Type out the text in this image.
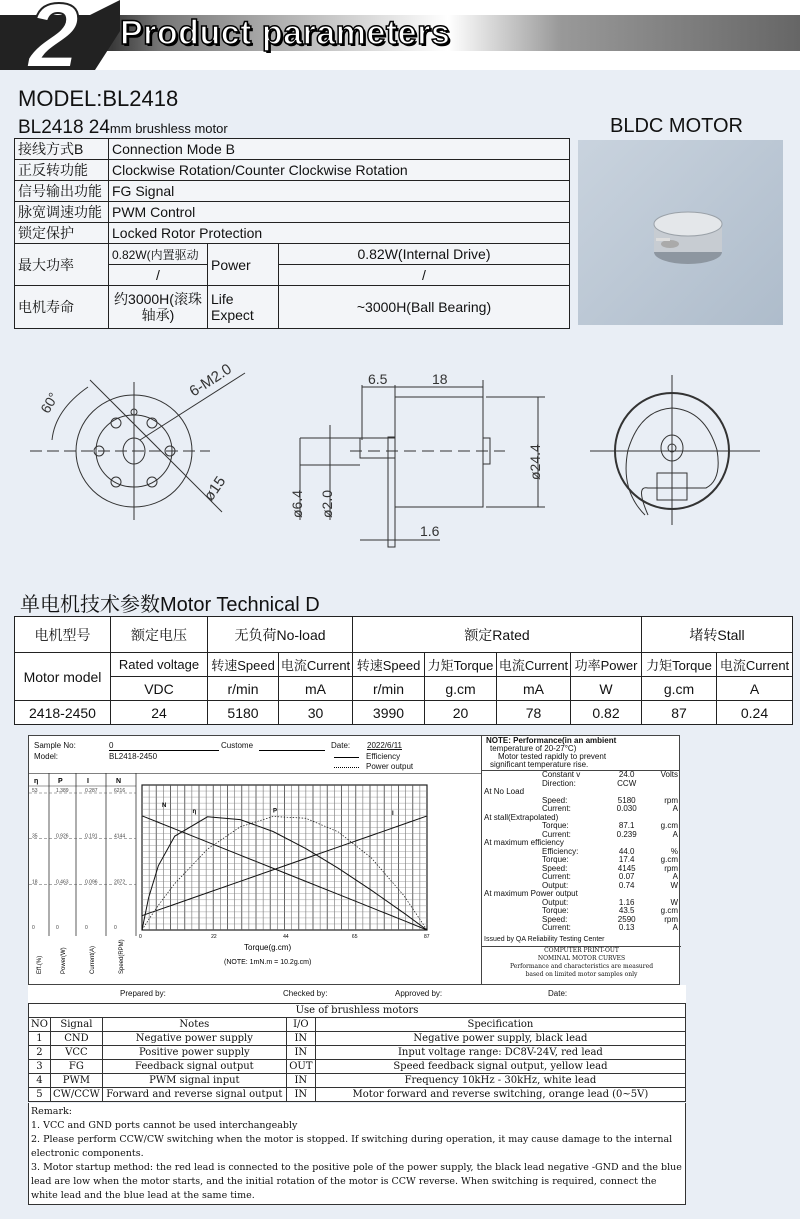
2 Product parameters
MODEL:BL2418
BL2418 24mm brushless motor	BLDC MOTOR
接线方式B	Connection Mode B		
正反转功能	Clockwise Rotation/Counter Clockwise Rotation		
信号输出功能	FG Signal		
脉宽调速功能	PWM Control		
锁定保护	Locked Rotor Protection		
最大功率	0.82W(内置驱动	Power	0.82W(Internal Drive)
	/		/
电机寿命	约3000H(滚珠轴承)	Life Expect	~3000H(Ball Bearing)
60°
6-M2.0
ø15
6.5	18
ø24.4
ø6.4 ø2.0
1.6
单电机技术参数Motor Technical D
电机型号	额定电压	无负荷No-load		额定Rated				堵转Stall	
Motor model	Rated voltage	转速Speed	电流Current	转速Speed	力矩Torque	电流Current	功率Power	力矩Torque	电流Current
	VDC	r/min	mA	r/min	g.cm	mA	W	g.cm	A
2418-2450	24	5180	30	3990	20	78	0.82	87	0.24
Sample No:	0	Custome	Date: 2022/6/11
Model:	BL2418-2450	Efficiency
Power output
η	P	I	N
53	1.389	0.287	6216
35	0.926	0.191	4144
18	0.463	0.096	2072
0	0	0	0
Eff.(%)	Power(W)	Current(A)	Speed(RPM)
0	22	44	65	87
Torque(g.cm)
(NOTE: 1mN.m = 10.2g.cm)
N
η	P	I
NOTE: Performance(in an ambient
temperature of 20-27°C)
Motor tested rapidly to prevent
significant temperature rise.
	Constant v	24.0	Volts
	Direction:	CCW	
At No Load			
	Speed:	5180	rpm
	Current:	0.030	A
At stall(Extrapolated)			
	Torque:	87.1	g.cm
	Current:	0.239	A
At maximum efficiency			
	Efficiency:	44.0	%
	Torque:	17.4	g.cm
	Speed:	4145	rpm
	Current:	0.07	A
	Output:	0.74	W
At maximum Power output			
	Output:	1.16	W
	Torque:	43.5	g.cm
	Speed:	2590	rpm
	Current:	0.13	A
Issued by QA Reliability Testing Center
COMPUTER PRINT-OUT
NOMINAL MOTOR CURVES
Performance and characteristics are measured
based on limited motor samples only
Prepared by:	Checked by:	Approved by:	Date:
Use of brushless motors				
NO	Signal	Notes	I/O	Specification
1	CND	Negative power supply	IN	Negative power supply, black lead
2	VCC	Positive power supply	IN	Input voltage range: DC8V-24V, red lead
3	FG	Feedback signal output	OUT	Speed feedback signal output, yellow lead
4	PWM	PWM signal input	IN	Frequency 10kHz - 30kHz, white lead
5	CW/CCW	Forward and reverse signal output	IN	Motor forward and reverse switching, orange lead (0~5V)
Remark:
1. VCC and GND ports cannot be used interchangeably
2. Please perform CCW/CW switching when the motor is stopped. If switching during operation, it may cause damage to the internal electronic components.
3. Motor startup method: the red lead is connected to the positive pole of the power supply, the black lead negative -GND and the blue lead are low when the motor starts, and the initial rotation of the motor is CCW reverse. When switching is required, connect the white lead and the blue lead at the same time.
